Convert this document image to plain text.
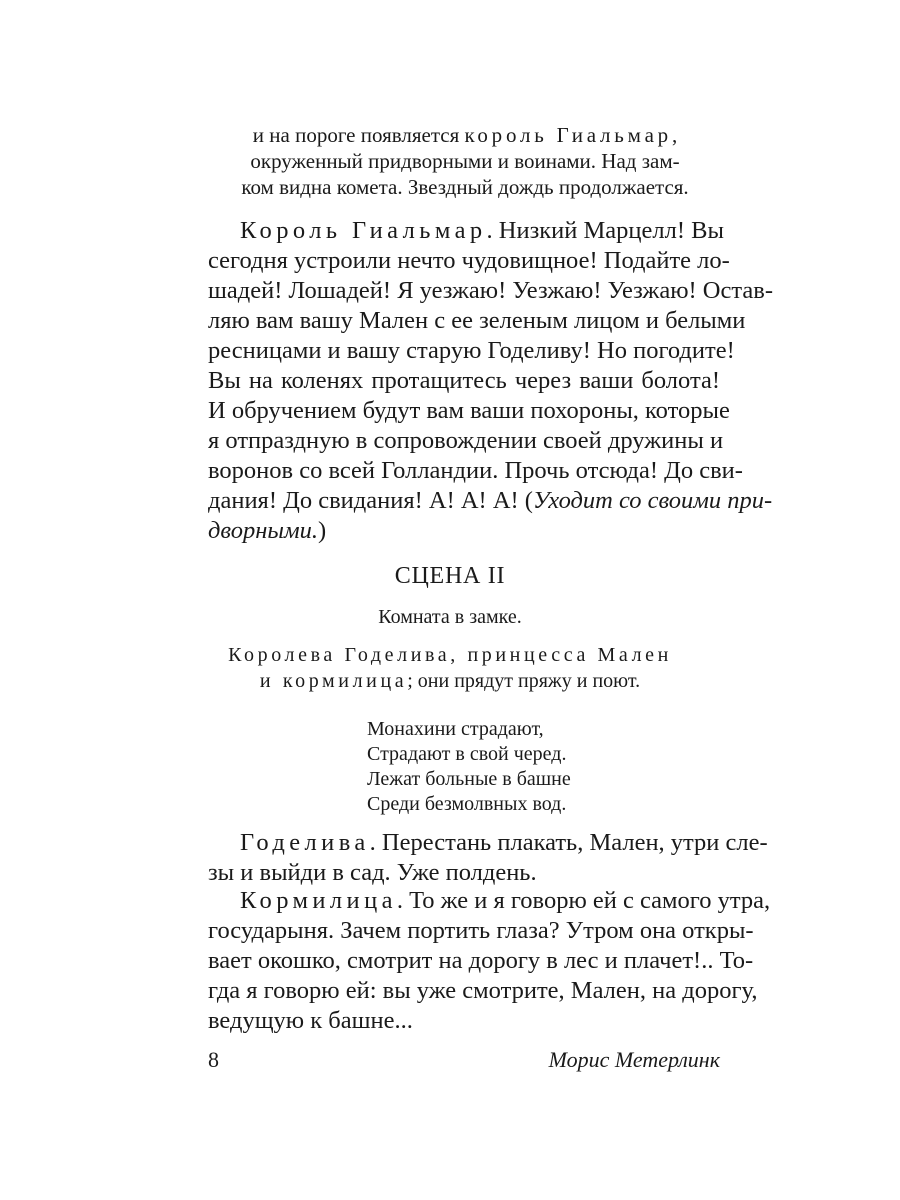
и на пороге появляется король Гиальмар,
окруженный придворными и воинами. Над зам-
ком видна комета. Звездный дождь продолжается.
Король Гиальмар. Низкий Марцелл! Вы
сегодня устроили нечто чудовищное! Подайте ло-
шадей! Лошадей! Я уезжаю! Уезжаю! Уезжаю! Остав-
ляю вам вашу Мален с ее зеленым лицом и белыми
ресницами и вашу старую Годеливу! Но погодите!
Вы на коленях протащитесь через ваши болота!
И обручением будут вам ваши похороны, которые
я отпраздную в сопровождении своей дружины и
воронов со всей Голландии. Прочь отсюда! До сви-
дания! До свидания! А! А! А! (Уходит со своими при-
дворными.)
СЦЕНА II
Комната в замке.
Королева Годелива, принцесса Мален
и кормилица; они прядут пряжу и поют.
Монахини страдают,
Страдают в свой черед.
Лежат больные в башне
Среди безмолвных вод.
Годелива. Перестань плакать, Мален, утри сле-
зы и выйди в сад. Уже полдень.
Кормилица. То же и я говорю ей с самого утра,
государыня. Зачем портить глаза? Утром она откры-
вает окошко, смотрит на дорогу в лес и плачет!.. То-
гда я говорю ей: вы уже смотрите, Мален, на дорогу,
ведущую к башне...
8	Морис Метерлинк
